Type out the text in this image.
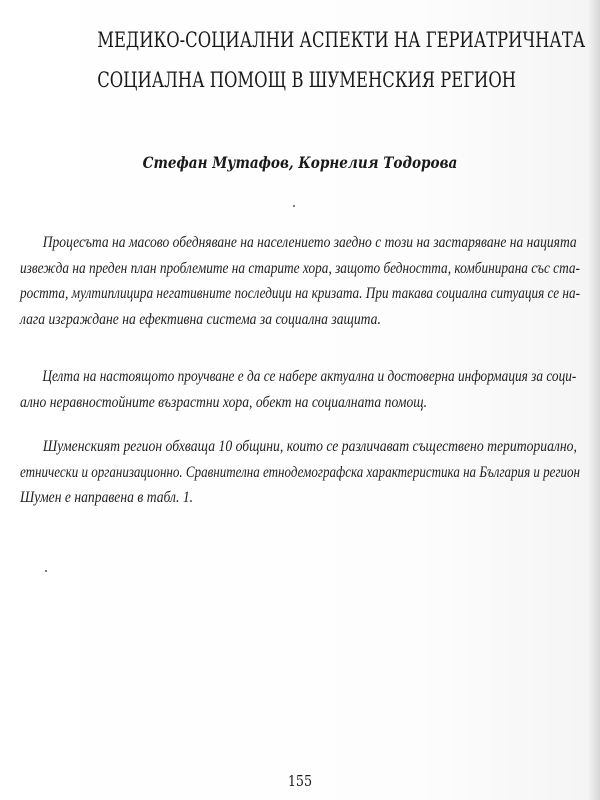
МЕДИКО-СОЦИАЛНИ АСПЕКТИ НА ГЕРИАТРИЧНАТА
СОЦИАЛНА ПОМОЩ В ШУМЕНСКИЯ РЕГИОН
Стефан Мутафов, Корнелия Тодорова
Процесъта на масово обедняване на населението заедно с този на застаряване на нацията
извежда на преден план проблемите на старите хора, защото бедността, комбинирана със ста-
ростта, мултиплицира негативните последици на кризата. При такава социална ситуация се на-
лага изграждане на ефективна система за социална защита.
Целта на настоящото проучване е да се набере актуална и достоверна информация за соци-
ално неравностойните възрастни хора, обект на социалната помощ.
Шуменският регион обхваща 10 общини, които се различават съществено териториално,
етнически и организационно. Сравнителна етнодемографска характеристика на България и регион
Шумен е направена в табл. 1.
155
